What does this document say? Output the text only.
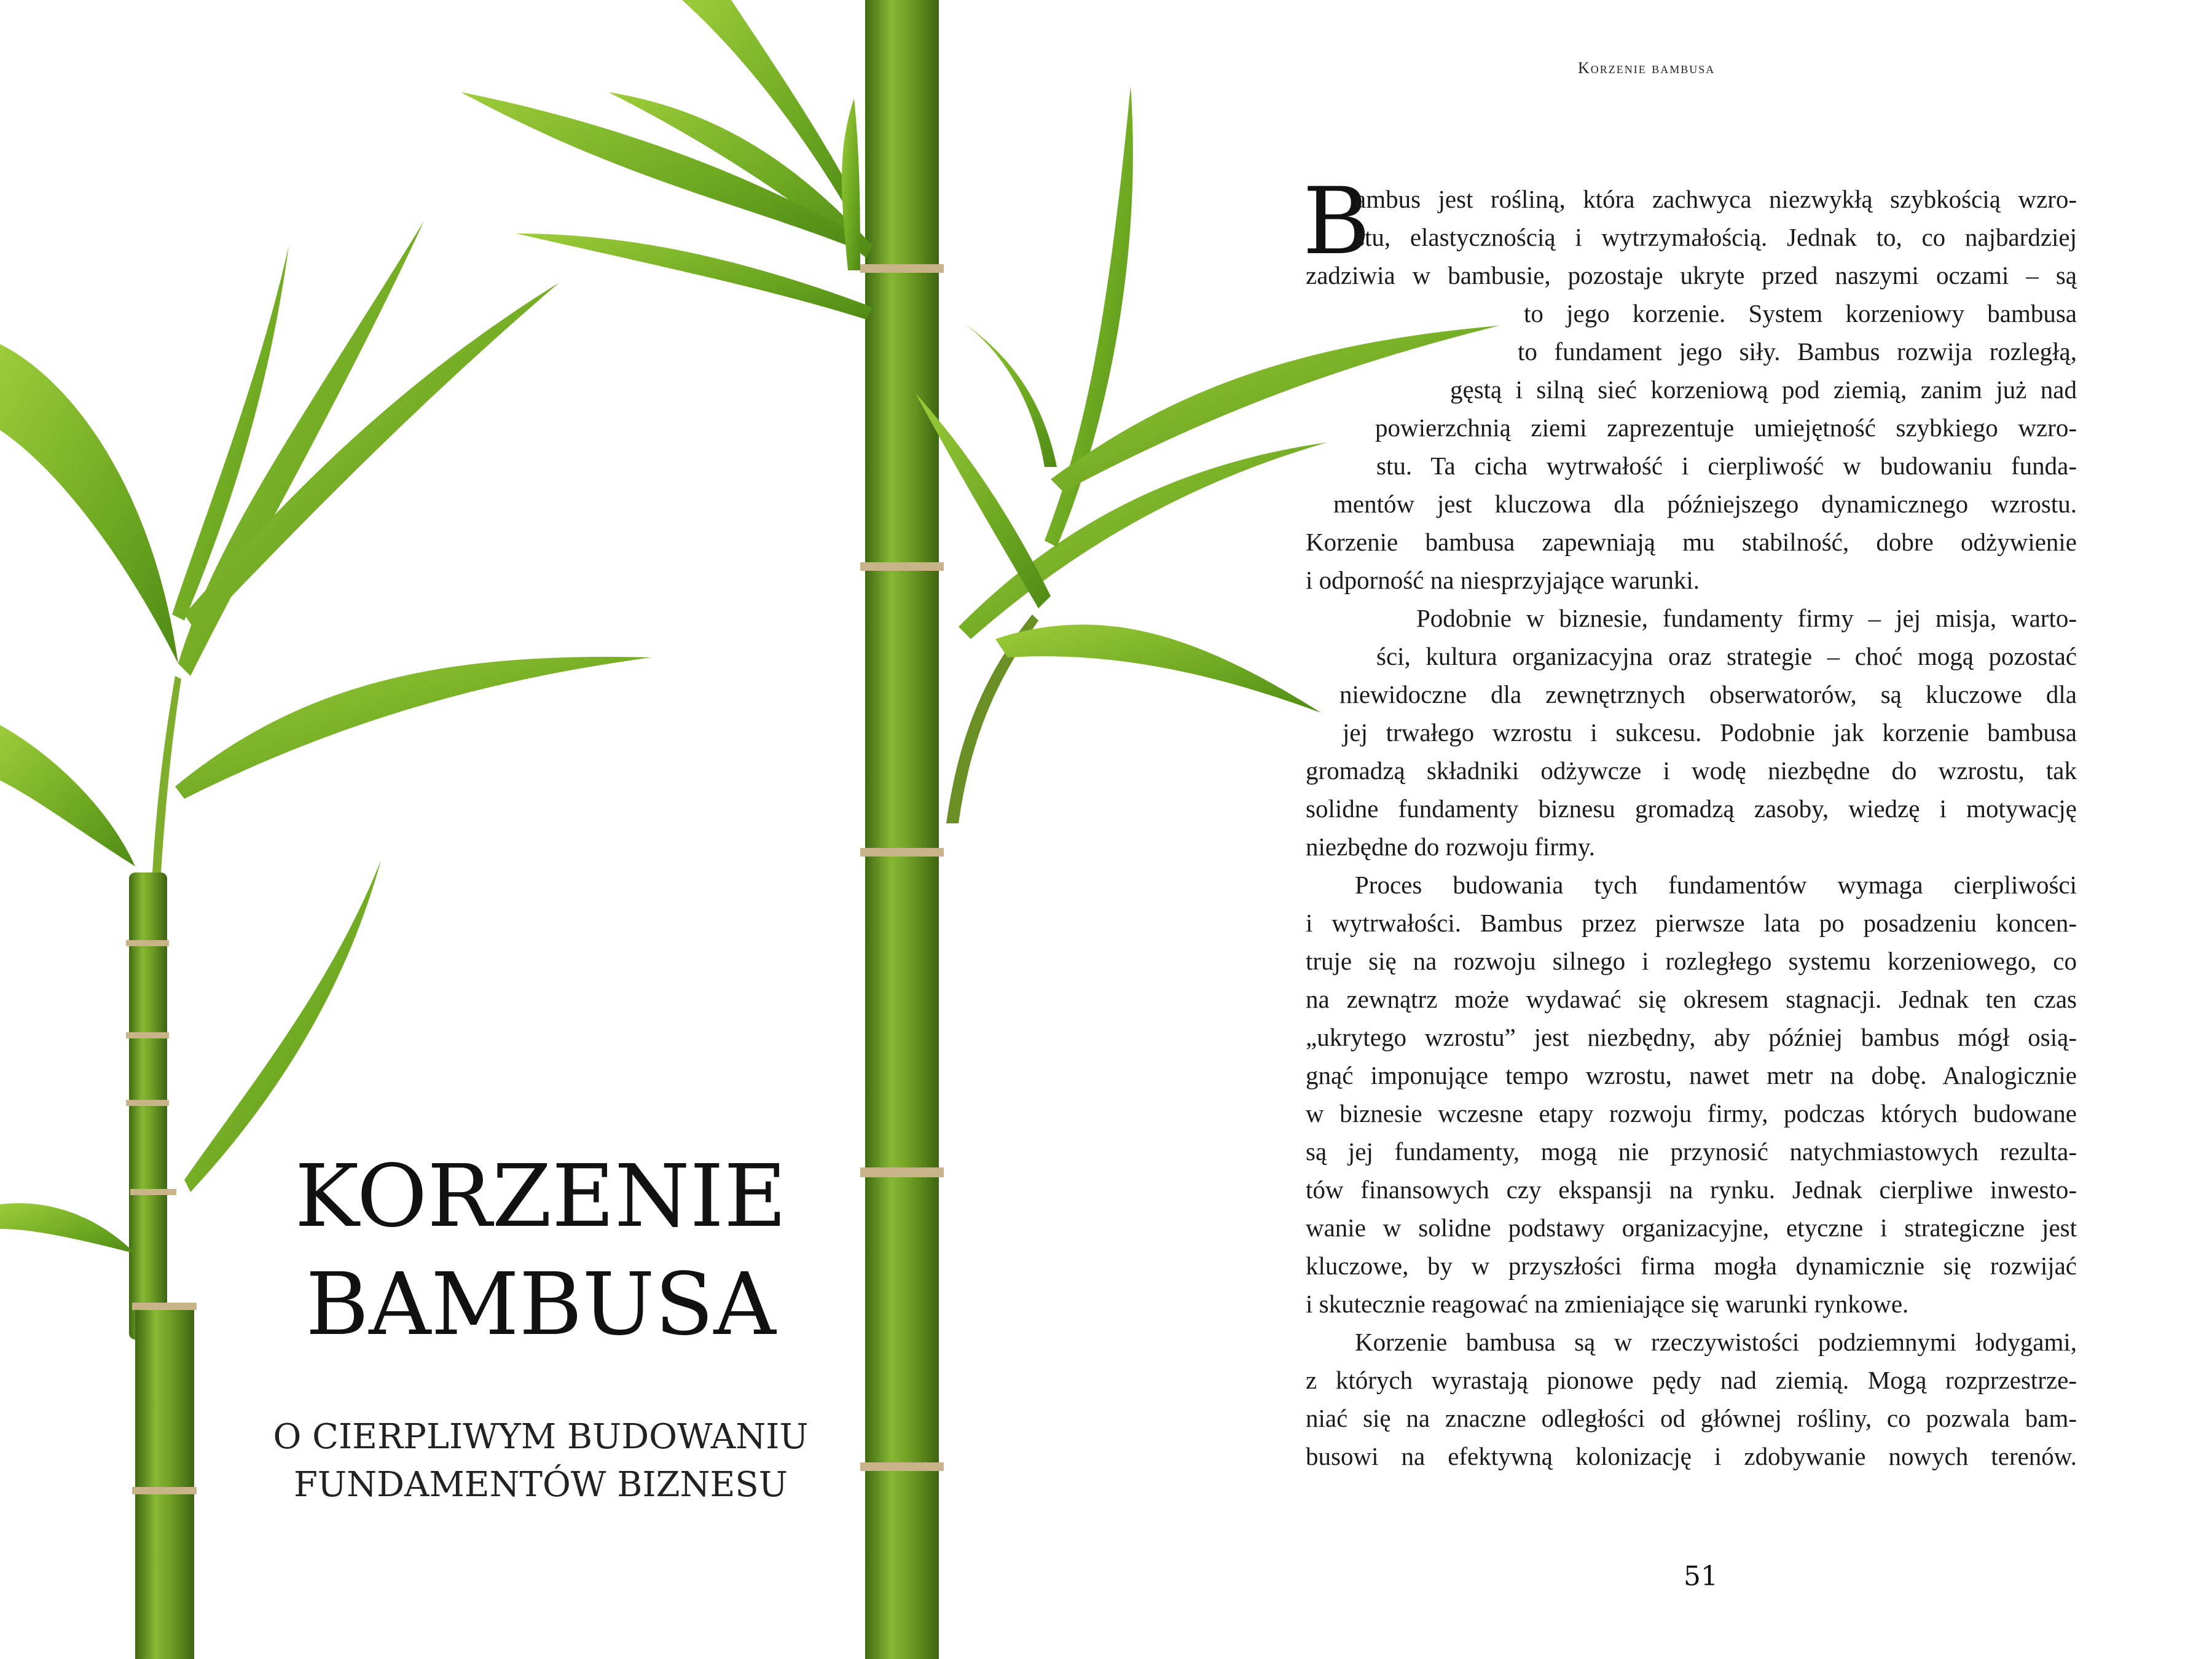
Korzenie bambusa
KORZENIE
BAMBUSA
O CIERPLIWYM BUDOWANIU
FUNDAMENTÓW BIZNESU
B
ambus jest rośliną, która zachwyca niezwykłą szybkością wzro-
stu, elastycznością i wytrzymałością. Jednak to, co najbardziej
zadziwia w bambusie, pozostaje ukryte przed naszymi oczami – są
to jego korzenie. System korzeniowy bambusa
to fundament jego siły. Bambus rozwija rozległą,
gęstą i silną sieć korzeniową pod ziemią, zanim już nad
powierzchnią ziemi zaprezentuje umiejętność szybkiego wzro-
stu. Ta cicha wytrwałość i cierpliwość w budowaniu funda-
mentów jest kluczowa dla późniejszego dynamicznego wzrostu.
Korzenie bambusa zapewniają mu stabilność, dobre odżywienie
i odporność na niesprzyjające warunki.
Podobnie w biznesie, fundamenty firmy – jej misja, warto-
ści, kultura organizacyjna oraz strategie – choć mogą pozostać
niewidoczne dla zewnętrznych obserwatorów, są kluczowe dla
jej trwałego wzrostu i sukcesu. Podobnie jak korzenie bambusa
gromadzą składniki odżywcze i wodę niezbędne do wzrostu, tak
solidne fundamenty biznesu gromadzą zasoby, wiedzę i motywację
niezbędne do rozwoju firmy.
Proces budowania tych fundamentów wymaga cierpliwości
i wytrwałości. Bambus przez pierwsze lata po posadzeniu koncen-
truje się na rozwoju silnego i rozległego systemu korzeniowego, co
na zewnątrz może wydawać się okresem stagnacji. Jednak ten czas
„ukrytego wzrostu” jest niezbędny, aby później bambus mógł osią-
gnąć imponujące tempo wzrostu, nawet metr na dobę. Analogicznie
w biznesie wczesne etapy rozwoju firmy, podczas których budowane
są jej fundamenty, mogą nie przynosić natychmiastowych rezulta-
tów finansowych czy ekspansji na rynku. Jednak cierpliwe inwesto-
wanie w solidne podstawy organizacyjne, etyczne i strategiczne jest
kluczowe, by w przyszłości firma mogła dynamicznie się rozwijać
i skutecznie reagować na zmieniające się warunki rynkowe.
Korzenie bambusa są w rzeczywistości podziemnymi łodygami,
z których wyrastają pionowe pędy nad ziemią. Mogą rozprzestrze-
niać się na znaczne odległości od głównej rośliny, co pozwala bam-
busowi na efektywną kolonizację i zdobywanie nowych terenów.
51
